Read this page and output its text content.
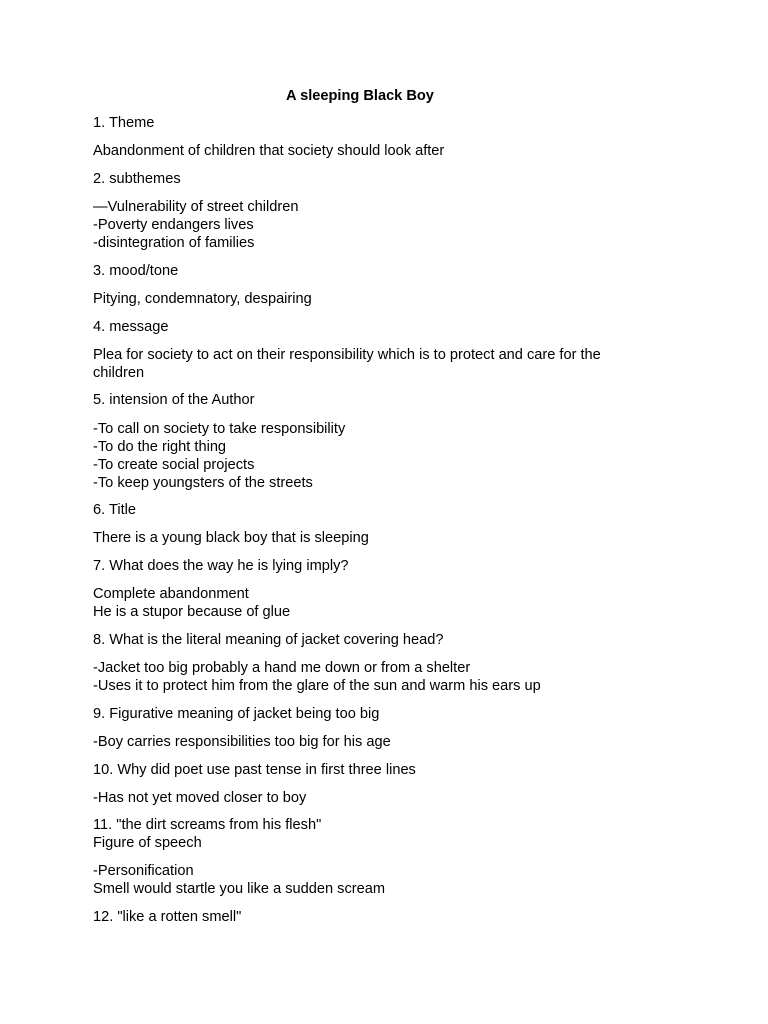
A sleeping Black Boy
1. Theme
Abandonment of children that society should look after
2. subthemes
—Vulnerability of street children
-Poverty endangers lives
-disintegration of families
3. mood/tone
Pitying, condemnatory, despairing
4. message
Plea for society to act on their responsibility which is to protect and care for the
children
5. intension of the Author
-To call on society to take responsibility
-To do the right thing
-To create social projects
-To keep youngsters of the streets
6. Title
There is a young black boy that is sleeping
7. What does the way he is lying imply?
Complete abandonment
He is a stupor because of glue
8. What is the literal meaning of jacket covering head?
-Jacket too big probably a hand me down or from a shelter
-Uses it to protect him from the glare of the sun and warm his ears up
9. Figurative meaning of jacket being too big
-Boy carries responsibilities too big for his age
10. Why did poet use past tense in first three lines
-Has not yet moved closer to boy
11. "the dirt screams from his flesh"
Figure of speech
-Personification
Smell would startle you like a sudden scream
12. "like a rotten smell"
